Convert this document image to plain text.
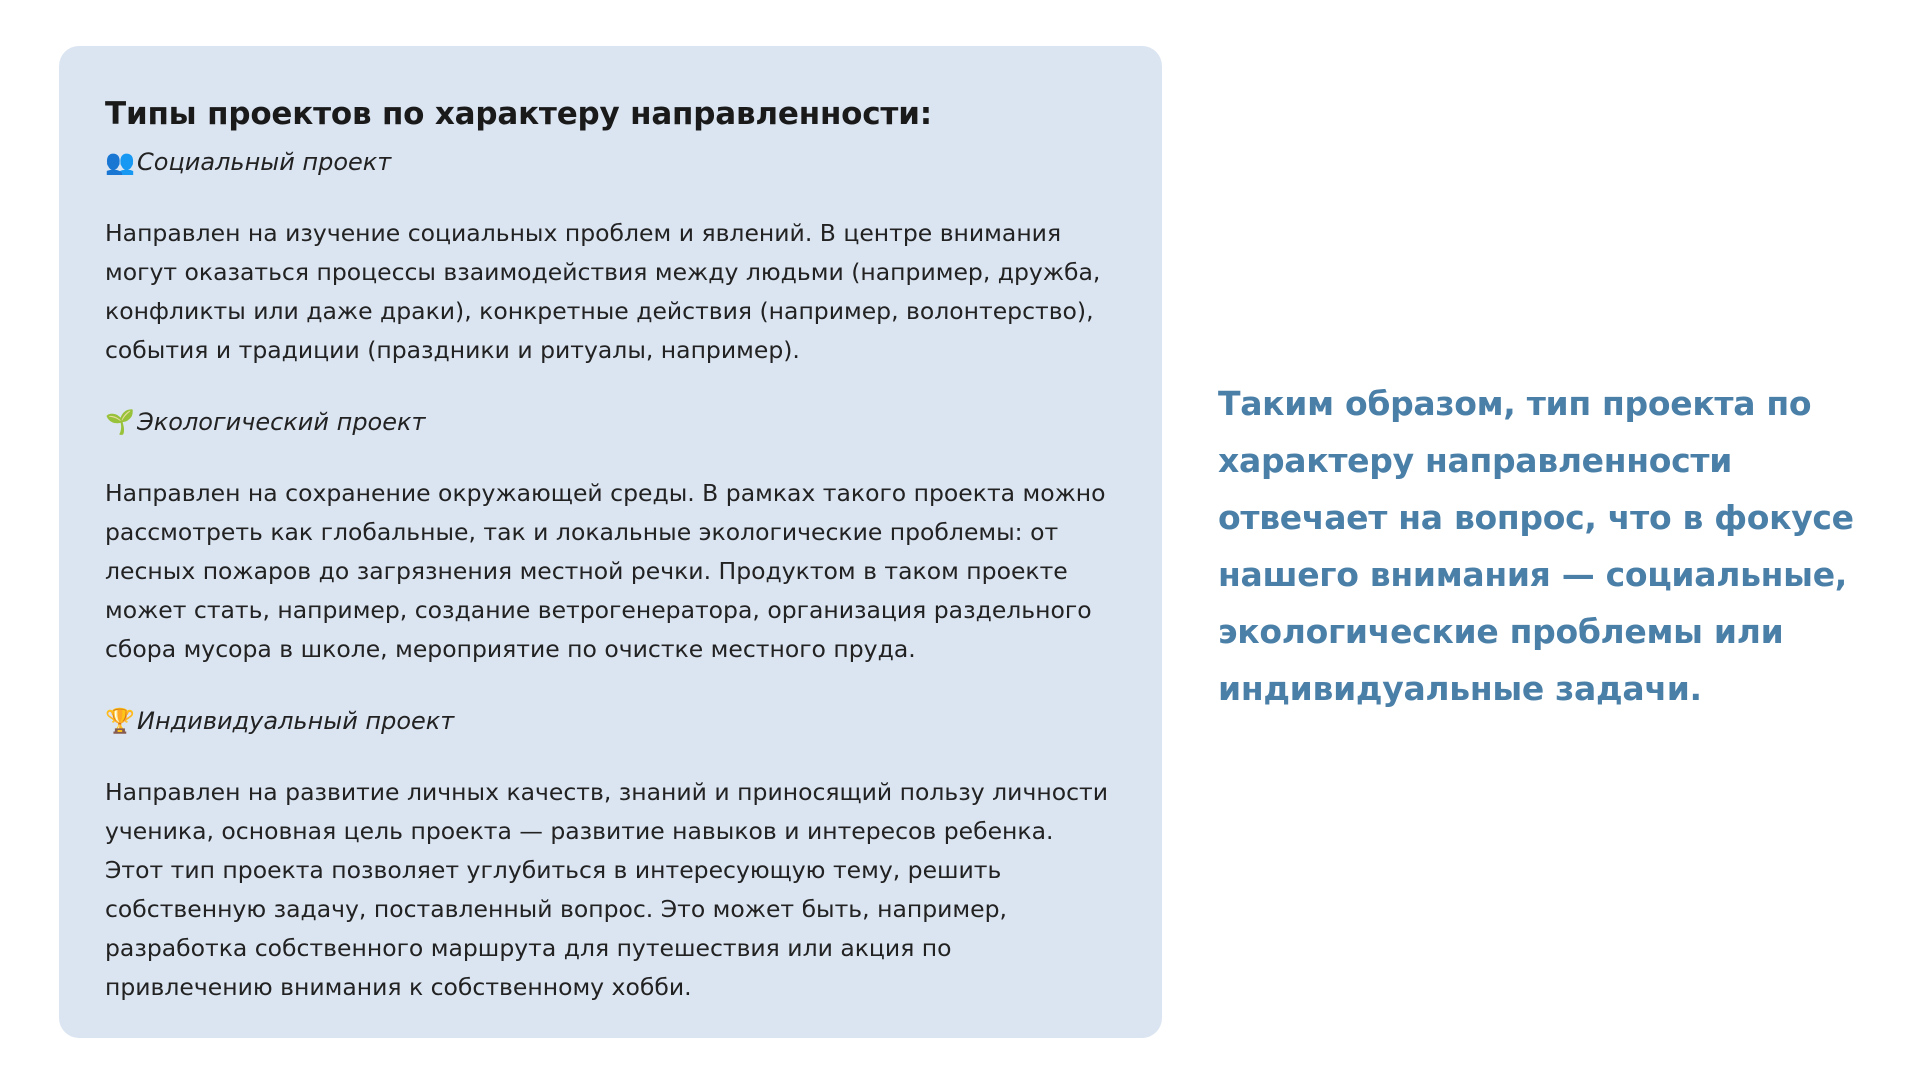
Типы проектов по характеру направленности:
👥 Социальный проект

Направлен на изучение социальных проблем и явлений. В центре внимания могут оказаться процессы взаимодействия между людьми (например, дружба, конфликты или даже драки), конкретные действия (например, волонтерство), события и традиции (праздники и ритуалы, например).

🌱 Экологический проект

Направлен на сохранение окружающей среды. В рамках такого проекта можно рассмотреть как глобальные, так и локальные экологические проблемы: от лесных пожаров до загрязнения местной речки. Продуктом в таком проекте может стать, например, создание ветрогенератора, организация раздельного сбора мусора в школе, мероприятие по очистке местного пруда.

🏆 Индивидуальный проект

Направлен на развитие личных качеств, знаний и приносящий пользу личности ученика, основная цель проекта — развитие навыков и интересов ребенка. Этот тип проекта позволяет углубиться в интересующую тему, решить собственную задачу, поставленный вопрос. Это может быть, например, разработка собственного маршрута для путешествия или акция по привлечению внимания к собственному хобби.

Таким образом, тип проекта по характеру направленности отвечает на вопрос, что в фокусе нашего внимания — социальные, экологические проблемы или индивидуальные задачи.
